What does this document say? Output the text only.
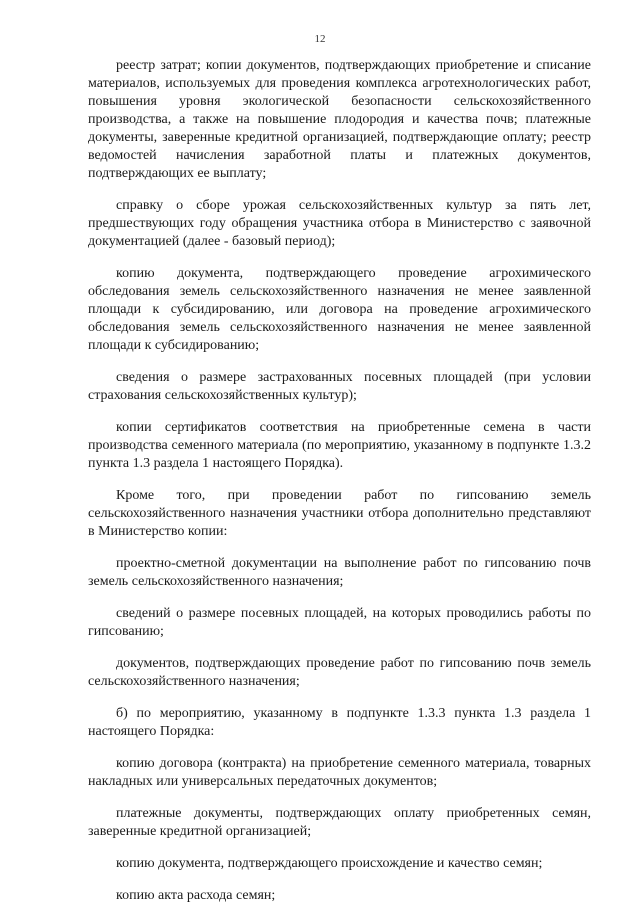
12

реестр затрат; копии документов, подтверждающих приобретение и списание материалов, используемых для проведения комплекса агротехнологических работ, повышения уровня экологической безопасности сельскохозяйственного производства, а также на повышение плодородия и качества почв; платежные документы, заверенные кредитной организацией, подтверждающие оплату; реестр ведомостей начисления заработной платы и платежных документов, подтверждающих ее выплату;

справку о сборе урожая сельскохозяйственных культур за пять лет, предшествующих году обращения участника отбора в Министерство с заявочной документацией (далее - базовый период);

копию документа, подтверждающего проведение агрохимического обследования земель сельскохозяйственного назначения не менее заявленной площади к субсидированию, или договора на проведение агрохимического обследования земель сельскохозяйственного назначения не менее заявленной площади к субсидированию;

сведения о размере застрахованных посевных площадей (при условии страхования сельскохозяйственных культур);

копии сертификатов соответствия на приобретенные семена в части производства семенного материала (по мероприятию, указанному в подпункте 1.3.2 пункта 1.3 раздела 1 настоящего Порядка).

Кроме того, при проведении работ по гипсованию земель сельскохозяйственного назначения участники отбора дополнительно представляют в Министерство копии:

проектно-сметной документации на выполнение работ по гипсованию почв земель сельскохозяйственного назначения;

сведений о размере посевных площадей, на которых проводились работы по гипсованию;

документов, подтверждающих проведение работ по гипсованию почв земель сельскохозяйственного назначения;

б) по мероприятию, указанному в подпункте 1.3.3 пункта 1.3 раздела 1 настоящего Порядка:

копию договора (контракта) на приобретение семенного материала, товарных накладных или универсальных передаточных документов;

платежные документы, подтверждающих оплату приобретенных семян, заверенные кредитной организацией;

копию документа, подтверждающего происхождение и качество семян;

копию акта расхода семян;
